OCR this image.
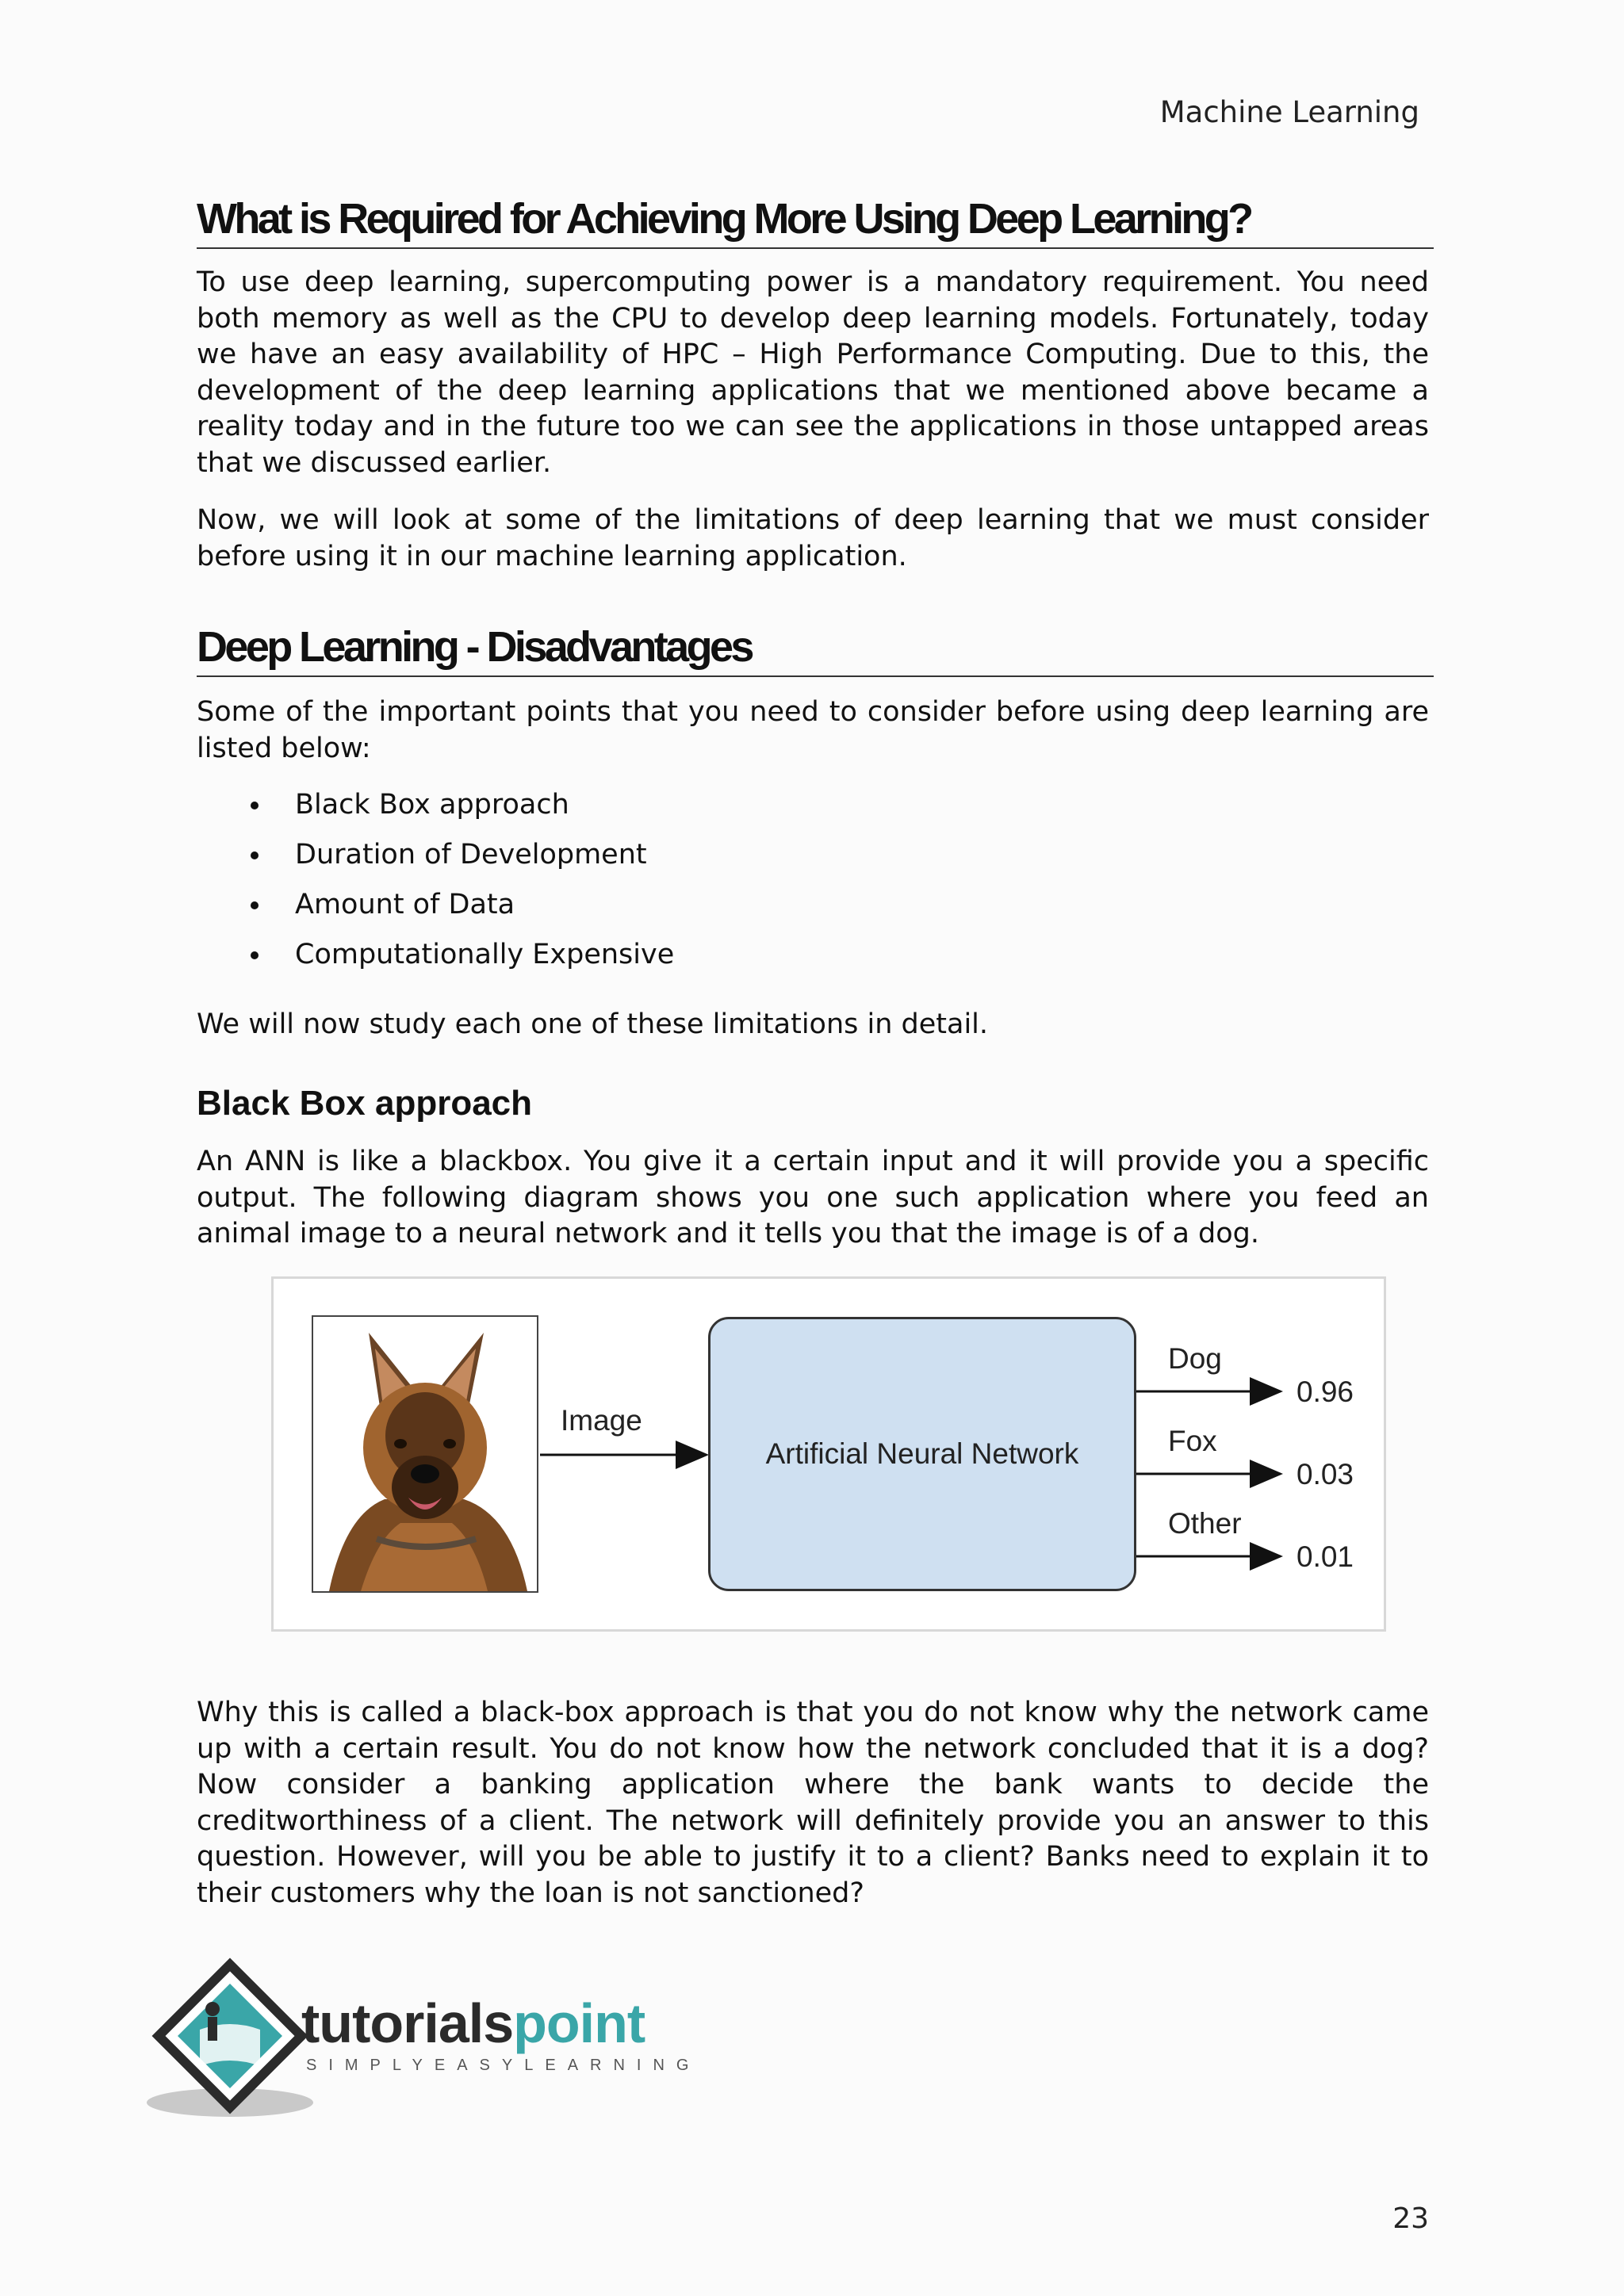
Machine Learning
What is Required for Achieving More Using Deep Learning?
To use deep learning, supercomputing power is a mandatory requirement. You need both memory as well as the CPU to develop deep learning models. Fortunately, today we have an easy availability of HPC – High Performance Computing. Due to this, the development of the deep learning applications that we mentioned above became a reality today and in the future too we can see the applications in those untapped areas that we discussed earlier.
Now, we will look at some of the limitations of deep learning that we must consider before using it in our machine learning application.
Deep Learning - Disadvantages
Some of the important points that you need to consider before using deep learning are listed below:
Black Box approach
Duration of Development
Amount of Data
Computationally Expensive
We will now study each one of these limitations in detail.
Black Box approach
An ANN is like a blackbox. You give it a certain input and it will provide you a specific output. The following diagram shows you one such application where you feed an animal image to a neural network and it tells you that the image is of a dog.
Image
Artificial Neural Network
Dog
0.96
Fox
0.03
Other
0.01
Why this is called a black-box approach is that you do not know why the network came up with a certain result. You do not know how the network concluded that it is a dog? Now consider a banking application where the bank wants to decide the creditworthiness of a client. The network will definitely provide you an answer to this question. However, will you be able to justify it to a client? Banks need to explain it to their customers why the loan is not sanctioned?
tutorialspoint
SIMPLYEASYLEARNING
23
